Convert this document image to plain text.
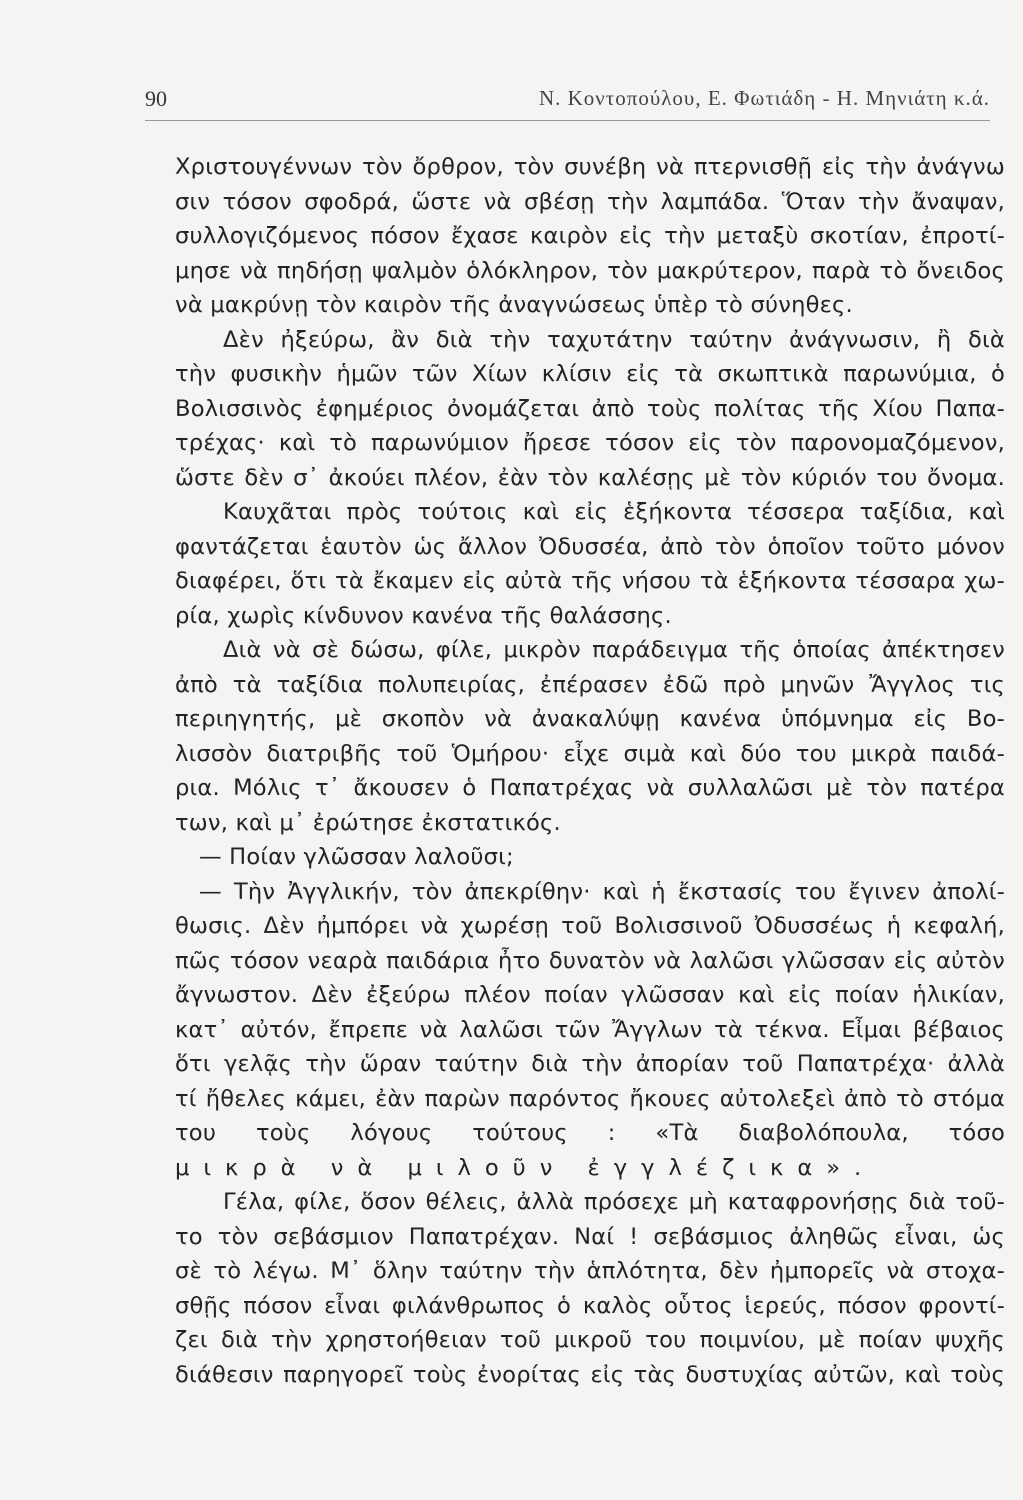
90	Ν. Κοντοπούλου, Ε. Φωτιάδη - Η. Μηνιάτη κ.ά.
Χριστουγέννων τὸν ὄρθρον, τὸν συνέβη νὰ πτερνισθῇ εἰς τὴν ἀνάγνω
σιν τόσον σφοδρά, ὥστε νὰ σβέσῃ τὴν λαμπάδα. Ὅταν τὴν ἄναψαν,
συλλογιζόμενος πόσον ἔχασε καιρὸν εἰς τὴν μεταξὺ σκοτίαν, ἐπροτί-
μησε νὰ πηδήσῃ ψαλμὸν ὁλόκληρον, τὸν μακρύτερον, παρὰ τὸ ὄνειδος
νὰ μακρύνῃ τὸν καιρὸν τῆς ἀναγνώσεως ὑπὲρ τὸ σύνηθες.
Δὲν ἠξεύρω, ἂν διὰ τὴν ταχυτάτην ταύτην ἀνάγνωσιν, ἢ διὰ
τὴν φυσικὴν ἡμῶν τῶν Χίων κλίσιν εἰς τὰ σκωπτικὰ παρωνύμια, ὁ
Βολισσινὸς ἐφημέριος ὀνομάζεται ἀπὸ τοὺς πολίτας τῆς Χίου Παπα-
τρέχας· καὶ τὸ παρωνύμιον ἤρεσε τόσον εἰς τὸν παρονομαζόμενον,
ὥστε δὲν σ᾽ ἀκούει πλέον, ἐὰν τὸν καλέσῃς μὲ τὸν κύριόν του ὄνομα.
Καυχᾶται πρὸς τούτοις καὶ εἰς ἑξήκοντα τέσσερα ταξίδια, καὶ
φαντάζεται ἑαυτὸν ὡς ἄλλον Ὀδυσσέα, ἀπὸ τὸν ὁποῖον τοῦτο μόνον
διαφέρει, ὅτι τὰ ἔκαμεν εἰς αὐτὰ τῆς νήσου τὰ ἑξήκοντα τέσσαρα χω-
ρία, χωρὶς κίνδυνον κανένα τῆς θαλάσσης.
Διὰ νὰ σὲ δώσω, φίλε, μικρὸν παράδειγμα τῆς ὁποίας ἀπέκτησεν
ἀπὸ τὰ ταξίδια πολυπειρίας, ἐπέρασεν ἐδῶ πρὸ μηνῶν Ἄγγλος τις
περιηγητής, μὲ σκοπὸν νὰ ἀνακαλύψῃ κανένα ὑπόμνημα εἰς Βο-
λισσὸν διατριβῆς τοῦ Ὁμήρου· εἶχε σιμὰ καὶ δύο του μικρὰ παιδά-
ρια. Μόλις τ᾽ ἄκουσεν ὁ Παπατρέχας νὰ συλλαλῶσι μὲ τὸν πατέρα
των, καὶ μ᾽ ἐρώτησε ἐκστατικός.
— Ποίαν γλῶσσαν λαλοῦσι;
— Τὴν Ἀγγλικήν, τὸν ἀπεκρίθην· καὶ ἡ ἔκστασίς του ἔγινεν ἀπολί-
θωσις. Δὲν ἠμπόρει νὰ χωρέσῃ τοῦ Βολισσινοῦ Ὀδυσσέως ἡ κεφαλή,
πῶς τόσον νεαρὰ παιδάρια ἦτο δυνατὸν νὰ λαλῶσι γλῶσσαν εἰς αὐτὸν
ἄγνωστον. Δὲν ἐξεύρω πλέον ποίαν γλῶσσαν καὶ εἰς ποίαν ἡλικίαν,
κατ᾽ αὐτόν, ἔπρεπε νὰ λαλῶσι τῶν Ἄγγλων τὰ τέκνα. Εἶμαι βέβαιος
ὅτι γελᾷς τὴν ὥραν ταύτην διὰ τὴν ἀπορίαν τοῦ Παπατρέχα· ἀλλὰ
τί ἤθελες κάμει, ἐὰν παρὼν παρόντος ἤκουες αὐτολεξεὶ ἀπὸ τὸ στόμα
του τοὺς λόγους τούτους : «Τὰ διαβολόπουλα, τόσο
μικρὰ νὰ μιλοῦν ἐγγλέζικα».
Γέλα, φίλε, ὅσον θέλεις, ἀλλὰ πρόσεχε μὴ καταφρονήσῃς διὰ τοῦ-
το τὸν σεβάσμιον Παπατρέχαν. Ναί ! σεβάσμιος ἀληθῶς εἶναι, ὡς
σὲ τὸ λέγω. Μ᾽ ὅλην ταύτην τὴν ἁπλότητα, δὲν ἠμπορεῖς νὰ στοχα-
σθῇς πόσον εἶναι φιλάνθρωπος ὁ καλὸς οὗτος ἱερεύς, πόσον φροντί-
ζει διὰ τὴν χρηστοήθειαν τοῦ μικροῦ του ποιμνίου, μὲ ποίαν ψυχῆς
διάθεσιν παρηγορεῖ τοὺς ἐνορίτας εἰς τὰς δυστυχίας αὐτῶν, καὶ τοὺς
